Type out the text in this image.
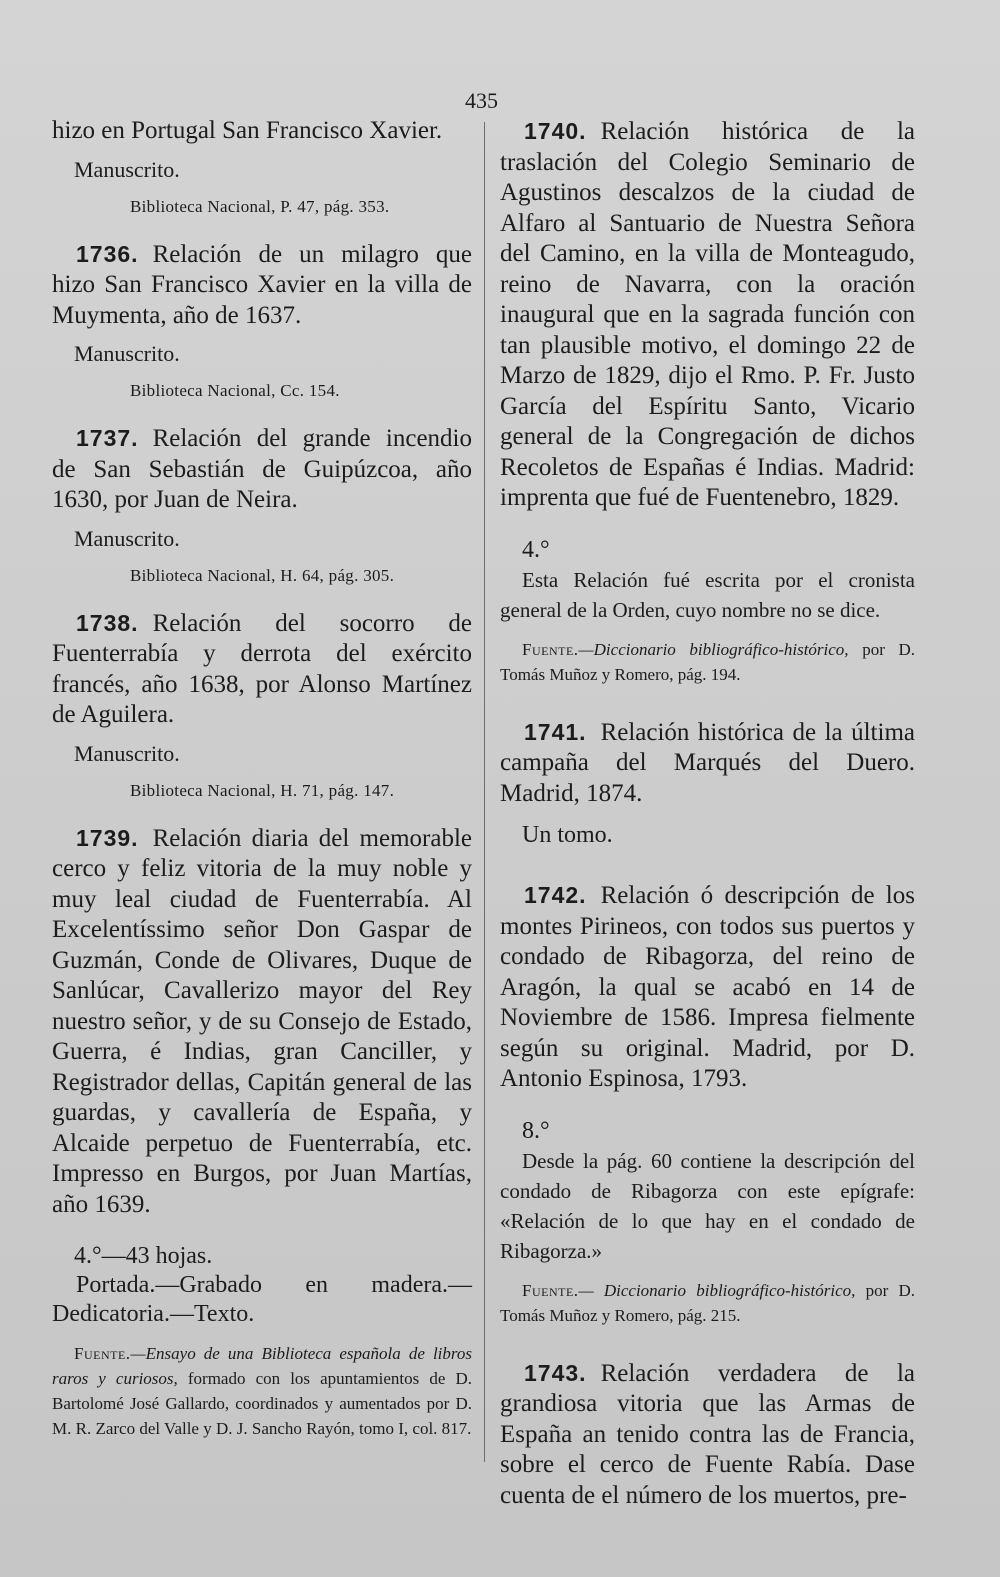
435

hizo en Portugal San Francisco Xavier.

Manuscrito.
Biblioteca Nacional, P. 47, pág. 353.

1736. Relación de un milagro que hizo San Francisco Xavier en la villa de Muymenta, año de 1637.

Manuscrito.
Biblioteca Nacional, Cc. 154.

1737. Relación del grande incendio de San Sebastián de Guipúzcoa, año 1630, por Juan de Neira.

Manuscrito.
Biblioteca Nacional, H. 64, pág. 305.

1738. Relación del socorro de Fuenterrabía y derrota del exército francés, año 1638, por Alonso Martínez de Aguilera.

Manuscrito.
Biblioteca Nacional, H. 71, pág. 147.

1739. Relación diaria del memorable cerco y feliz vitoria de la muy noble y muy leal ciudad de Fuenterrabía. Al Excelentíssimo señor Don Gaspar de Guzmán, Conde de Olivares, Duque de Sanlúcar, Cavallerizo mayor del Rey nuestro señor, y de su Consejo de Estado, Guerra, é Indias, gran Canciller, y Registrador dellas, Capitán general de las guardas, y cavallería de España, y Alcaide perpetuo de Fuenterrabía, etc. Impresso en Burgos, por Juan Martías, año 1639.

4.°—43 hojas.

Portada.—Grabado en madera.—Dedicatoria.—Texto.

Fuente.—Ensayo de una Biblioteca española de libros raros y curiosos, formado con los apuntamientos de D. Bartolomé José Gallardo, coordinados y aumentados por D. M. R. Zarco del Valle y D. J. Sancho Rayón, tomo I, col. 817.

1740. Relación histórica de la traslación del Colegio Seminario de Agustinos descalzos de la ciudad de Alfaro al Santuario de Nuestra Señora del Camino, en la villa de Monteagudo, reino de Navarra, con la oración inaugural que en la sagrada función con tan plausible motivo, el domingo 22 de Marzo de 1829, dijo el Rmo. P. Fr. Justo García del Espíritu Santo, Vicario general de la Congregación de dichos Recoletos de Españas é Indias. Madrid: imprenta que fué de Fuentenebro, 1829.

4.°

Esta Relación fué escrita por el cronista general de la Orden, cuyo nombre no se dice.

Fuente.—Diccionario bibliográfico-histórico, por D. Tomás Muñoz y Romero, pág. 194.

1741. Relación histórica de la última campaña del Marqués del Duero. Madrid, 1874.

Un tomo.

1742. Relación ó descripción de los montes Pirineos, con todos sus puertos y condado de Ribagorza, del reino de Aragón, la qual se acabó en 14 de Noviembre de 1586. Impresa fielmente según su original. Madrid, por D. Antonio Espinosa, 1793.

8.°

Desde la pág. 60 contiene la descripción del condado de Ribagorza con este epígrafe: «Relación de lo que hay en el condado de Ribagorza.»

Fuente.— Diccionario bibliográfico-histórico, por D. Tomás Muñoz y Romero, pág. 215.

1743. Relación verdadera de la grandiosa vitoria que las Armas de España an tenido contra las de Francia, sobre el cerco de Fuente Rabía. Dase cuenta de el número de los muertos, pre-
